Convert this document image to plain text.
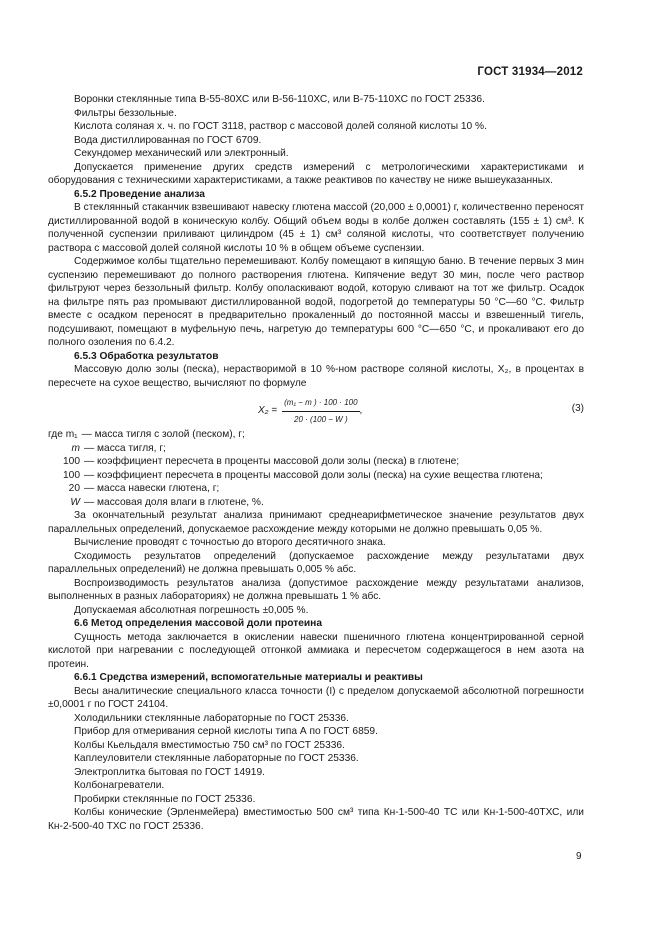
ГОСТ 31934—2012

Воронки стеклянные типа В-55-80ХС или В-56-110ХС, или В-75-110ХС по ГОСТ 25336.

Фильтры беззольные.

Кислота соляная х. ч. по ГОСТ 3118, раствор с массовой долей соляной кислоты 10 %.

Вода дистиллированная по ГОСТ 6709.

Секундомер механический или электронный.

Допускается применение других средств измерений с метрологическими характеристиками и оборудования с техническими характеристиками, а также реактивов по качеству не ниже вышеуказанных.

6.5.2 Проведение анализа

В стеклянный стаканчик взвешивают навеску глютена массой (20,000 ± 0,0001) г, количественно переносят дистиллированной водой в коническую колбу. Общий объем воды в колбе должен составлять (155 ± 1) см³. К полученной суспензии приливают цилиндром (45 ± 1) см³ соляной кислоты, что соответствует получению раствора с массовой долей соляной кислоты 10 % в общем объеме суспензии.

Содержимое колбы тщательно перемешивают. Колбу помещают в кипящую баню. В течение первых 3 мин суспензию перемешивают до полного растворения глютена. Кипячение ведут 30 мин, после чего раствор фильтруют через беззольный фильтр. Колбу ополаскивают водой, которую сливают на тот же фильтр. Осадок на фильтре пять раз промывают дистиллированной водой, подогретой до температуры 50 °С—60 °С. Фильтр вместе с осадком переносят в предварительно прокаленный до постоянной массы и взвешенный тигель, подсушивают, помещают в муфельную печь, нагретую до температуры 600 °С—650 °С, и прокаливают его до полного озоления по 6.4.2.

6.5.3 Обработка результатов

Массовую долю золы (песка), нерастворимой в 10 %-ном растворе соляной кислоты, X₂, в процентах в пересчете на сухое вещество, вычисляют по формуле

$X_2 = \frac{\text{(m₁ − m ) · 100 · 100}}{20 \cdot (100 - W )}$ ,	(3)

где m₁ — масса тигля с золой (песком), г;

m — масса тигля, г;

100 — коэффициент пересчета в проценты массовой доли золы (песка) в глютене;

100 — коэффициент пересчета в проценты массовой доли золы (песка) на сухие вещества глютена;

20 — масса навески глютена, г;

W — массовая доля влаги в глютене, %.

За окончательный результат анализа принимают среднеарифметическое значение результатов двух параллельных определений, допускаемое расхождение между которыми не должно превышать 0,05 %.

Вычисление проводят с точностью до второго десятичного знака.

Сходимость результатов определений (допускаемое расхождение между результатами двух параллельных определений) не должна превышать 0,005 % абс.

Воспроизводимость результатов анализа (допустимое расхождение между результатами анализов, выполненных в разных лабораториях) не должна превышать 1 % абс.

Допускаемая абсолютная погрешность ±0,005 %.

6.6 Метод определения массовой доли протеина

Сущность метода заключается в окислении навески пшеничного глютена концентрированной серной кислотой при нагревании с последующей отгонкой аммиака и пересчетом содержащегося в нем азота на протеин.

6.6.1 Средства измерений, вспомогательные материалы и реактивы

Весы аналитические специального класса точности (I) с пределом допускаемой абсолютной погрешности ±0,0001 г по ГОСТ 24104.

Холодильники стеклянные лабораторные по ГОСТ 25336.

Прибор для отмеривания серной кислоты типа А по ГОСТ 6859.

Колбы Кьельдаля вместимостью 750 см³ по ГОСТ 25336.

Каплеуловители стеклянные лабораторные по ГОСТ 25336.

Электроплитка бытовая по ГОСТ 14919.

Колбонагреватели.

Пробирки стеклянные по ГОСТ 25336.

Колбы конические (Эрленмейера) вместимостью 500 см³ типа Кн-1-500-40 ТС или Кн-1-500-40ТХС, или Кн-2-500-40 ТХС по ГОСТ 25336.

9
